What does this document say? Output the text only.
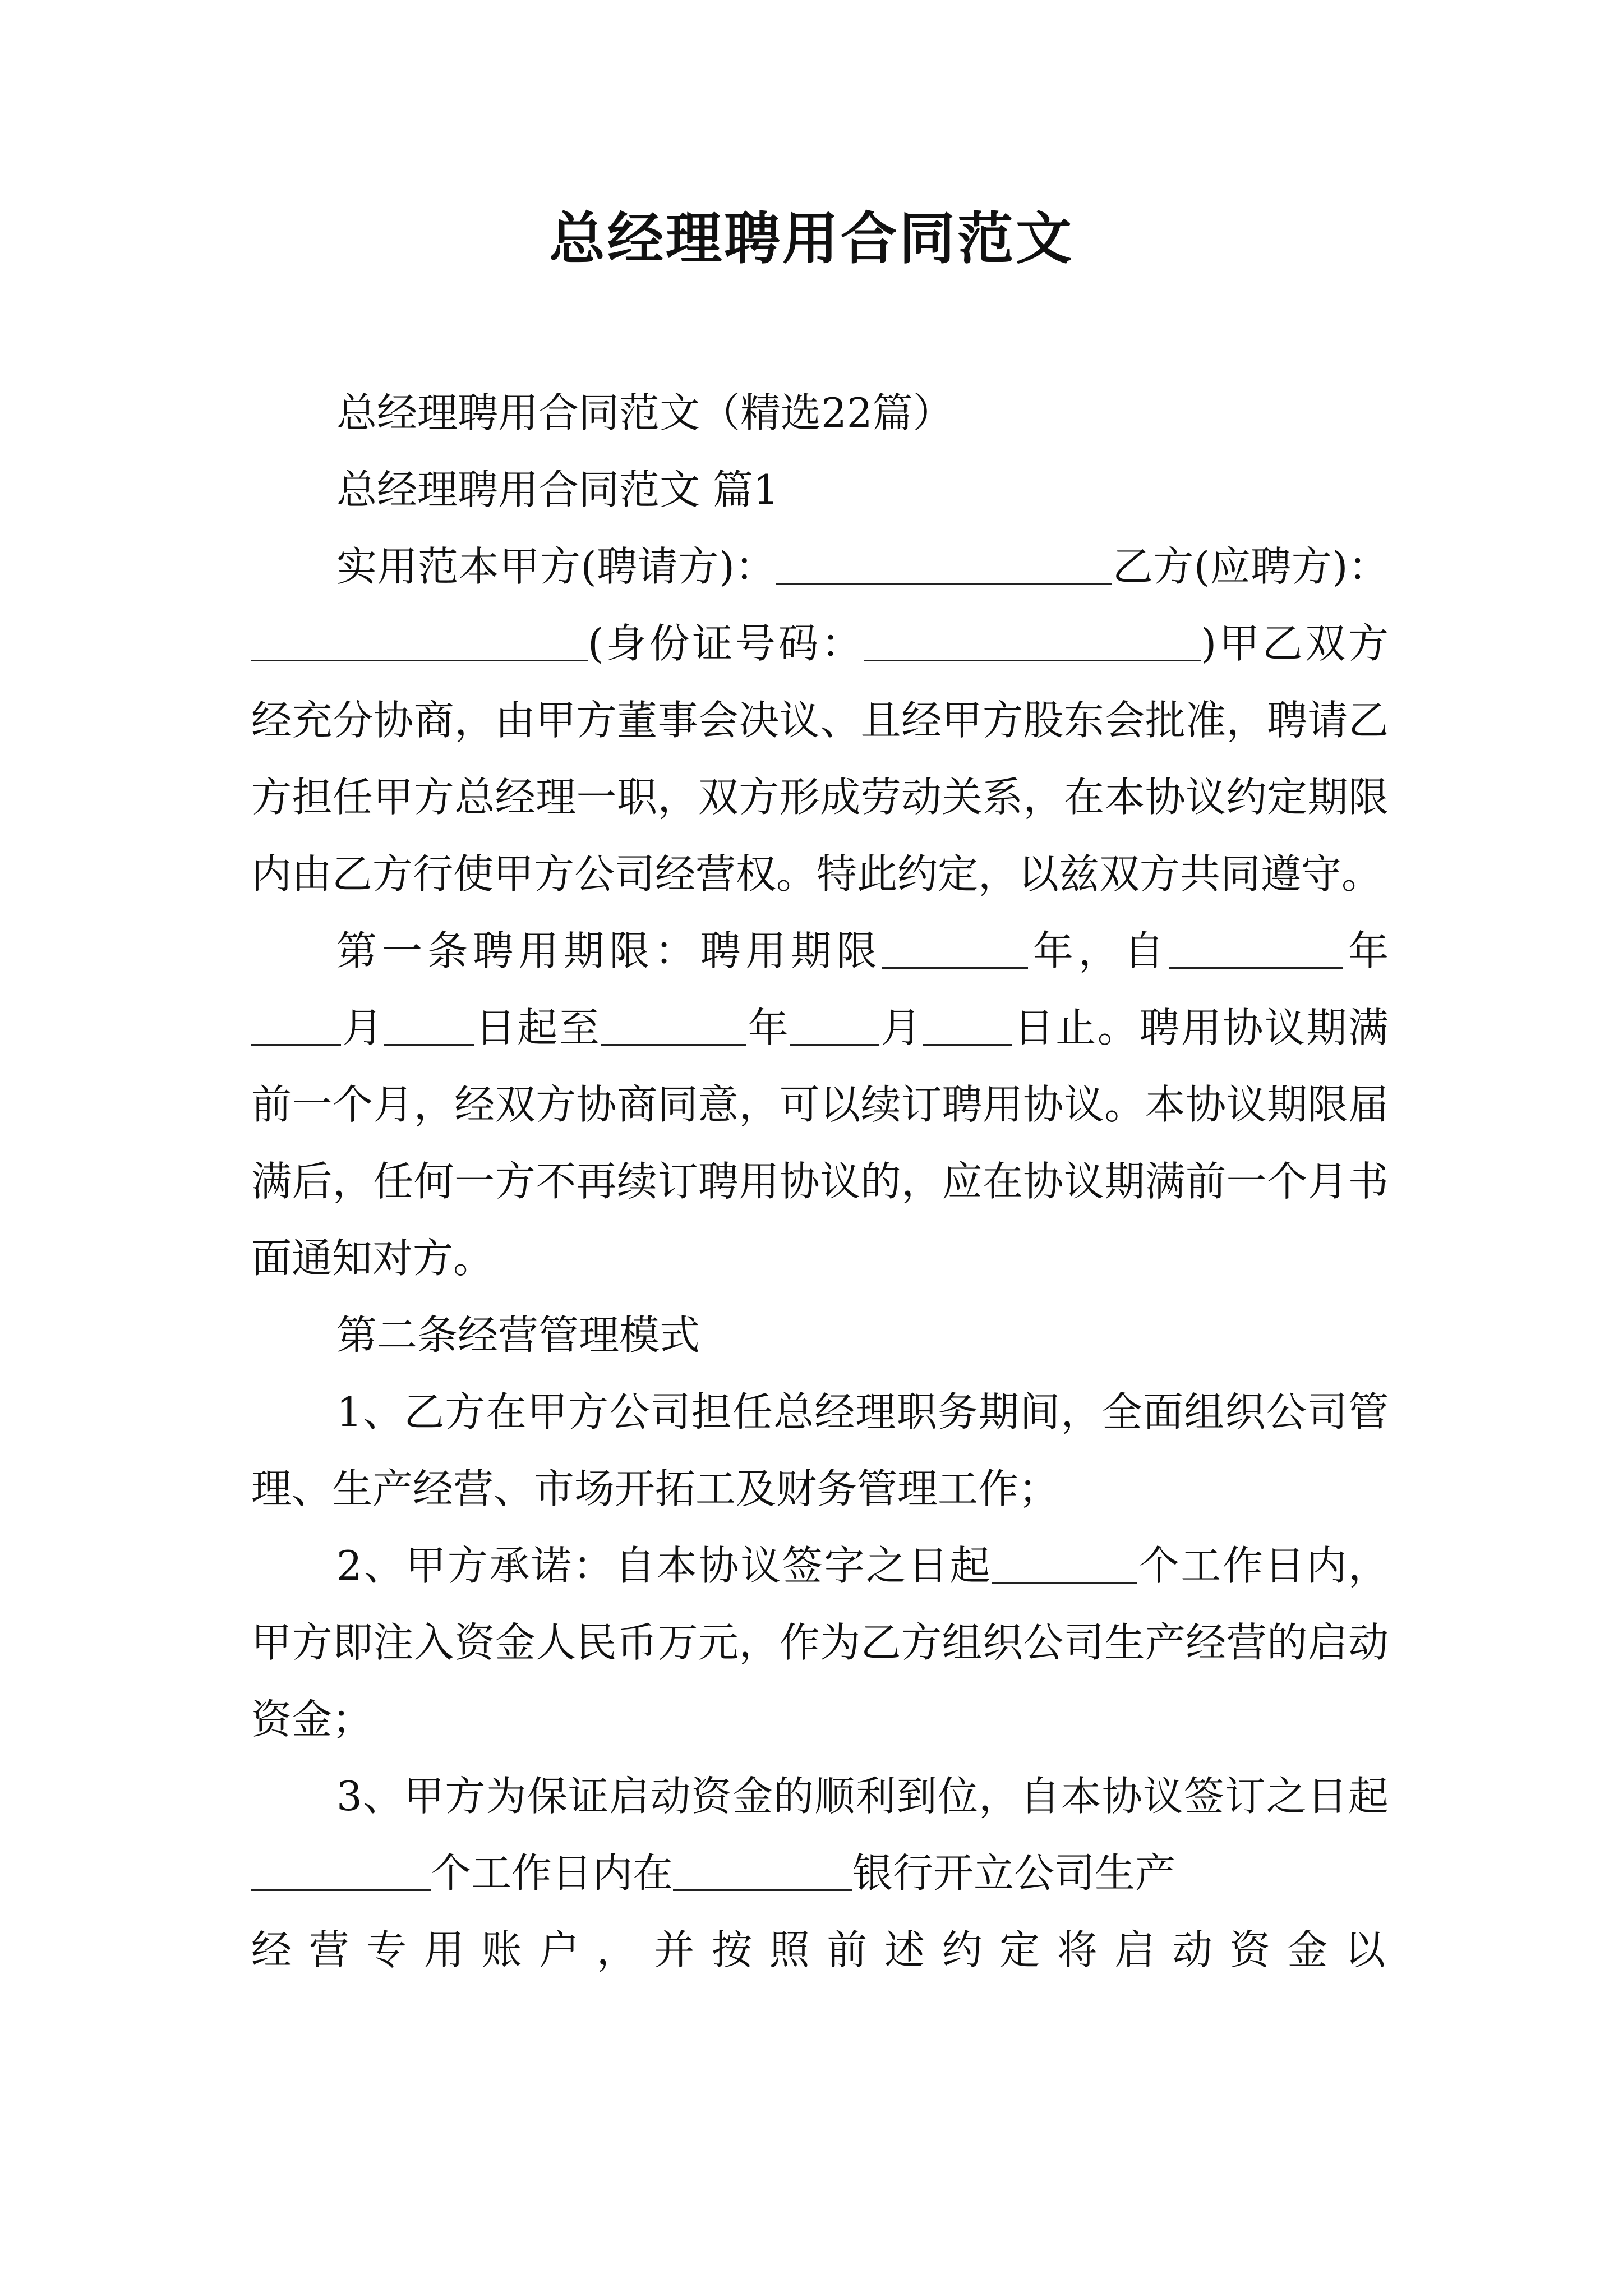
总经理聘用合同范文

总经理聘用合同范文（精选22篇）

总经理聘用合同范文 篇1

实用范本甲方(聘请方)：	乙方(应聘方)：(身份证号码：	)甲乙双方经充分协商，由甲方董事会决议、且经甲方股东会批准，聘请乙方担任甲方总经理一职，双方形成劳动关系，在本协议约定期限内由乙方行使甲方公司经营权。特此约定，以兹双方共同遵守。

第一条聘用期限：聘用期限	年，自	年月 日起至	年 月 日止。聘用协议期满前一个月，经双方协商同意，可以续订聘用协议。本协议期限届满后，任何一方不再续订聘用协议的，应在协议期满前一个月书面通知对方。

第二条经营管理模式

1、乙方在甲方公司担任总经理职务期间，全面组织公司管理、生产经营、市场开拓工及财务管理工作；

2、甲方承诺：自本协议签字之日起	个工作日内，甲方即注入资金人民币万元，作为乙方组织公司生产经营的启动资金；

3、甲方为保证启动资金的顺利到位，自本协议签订之日起个工作日内在	银行开立公司生产

经营专用账户，并按照前述约定将启动资金以
